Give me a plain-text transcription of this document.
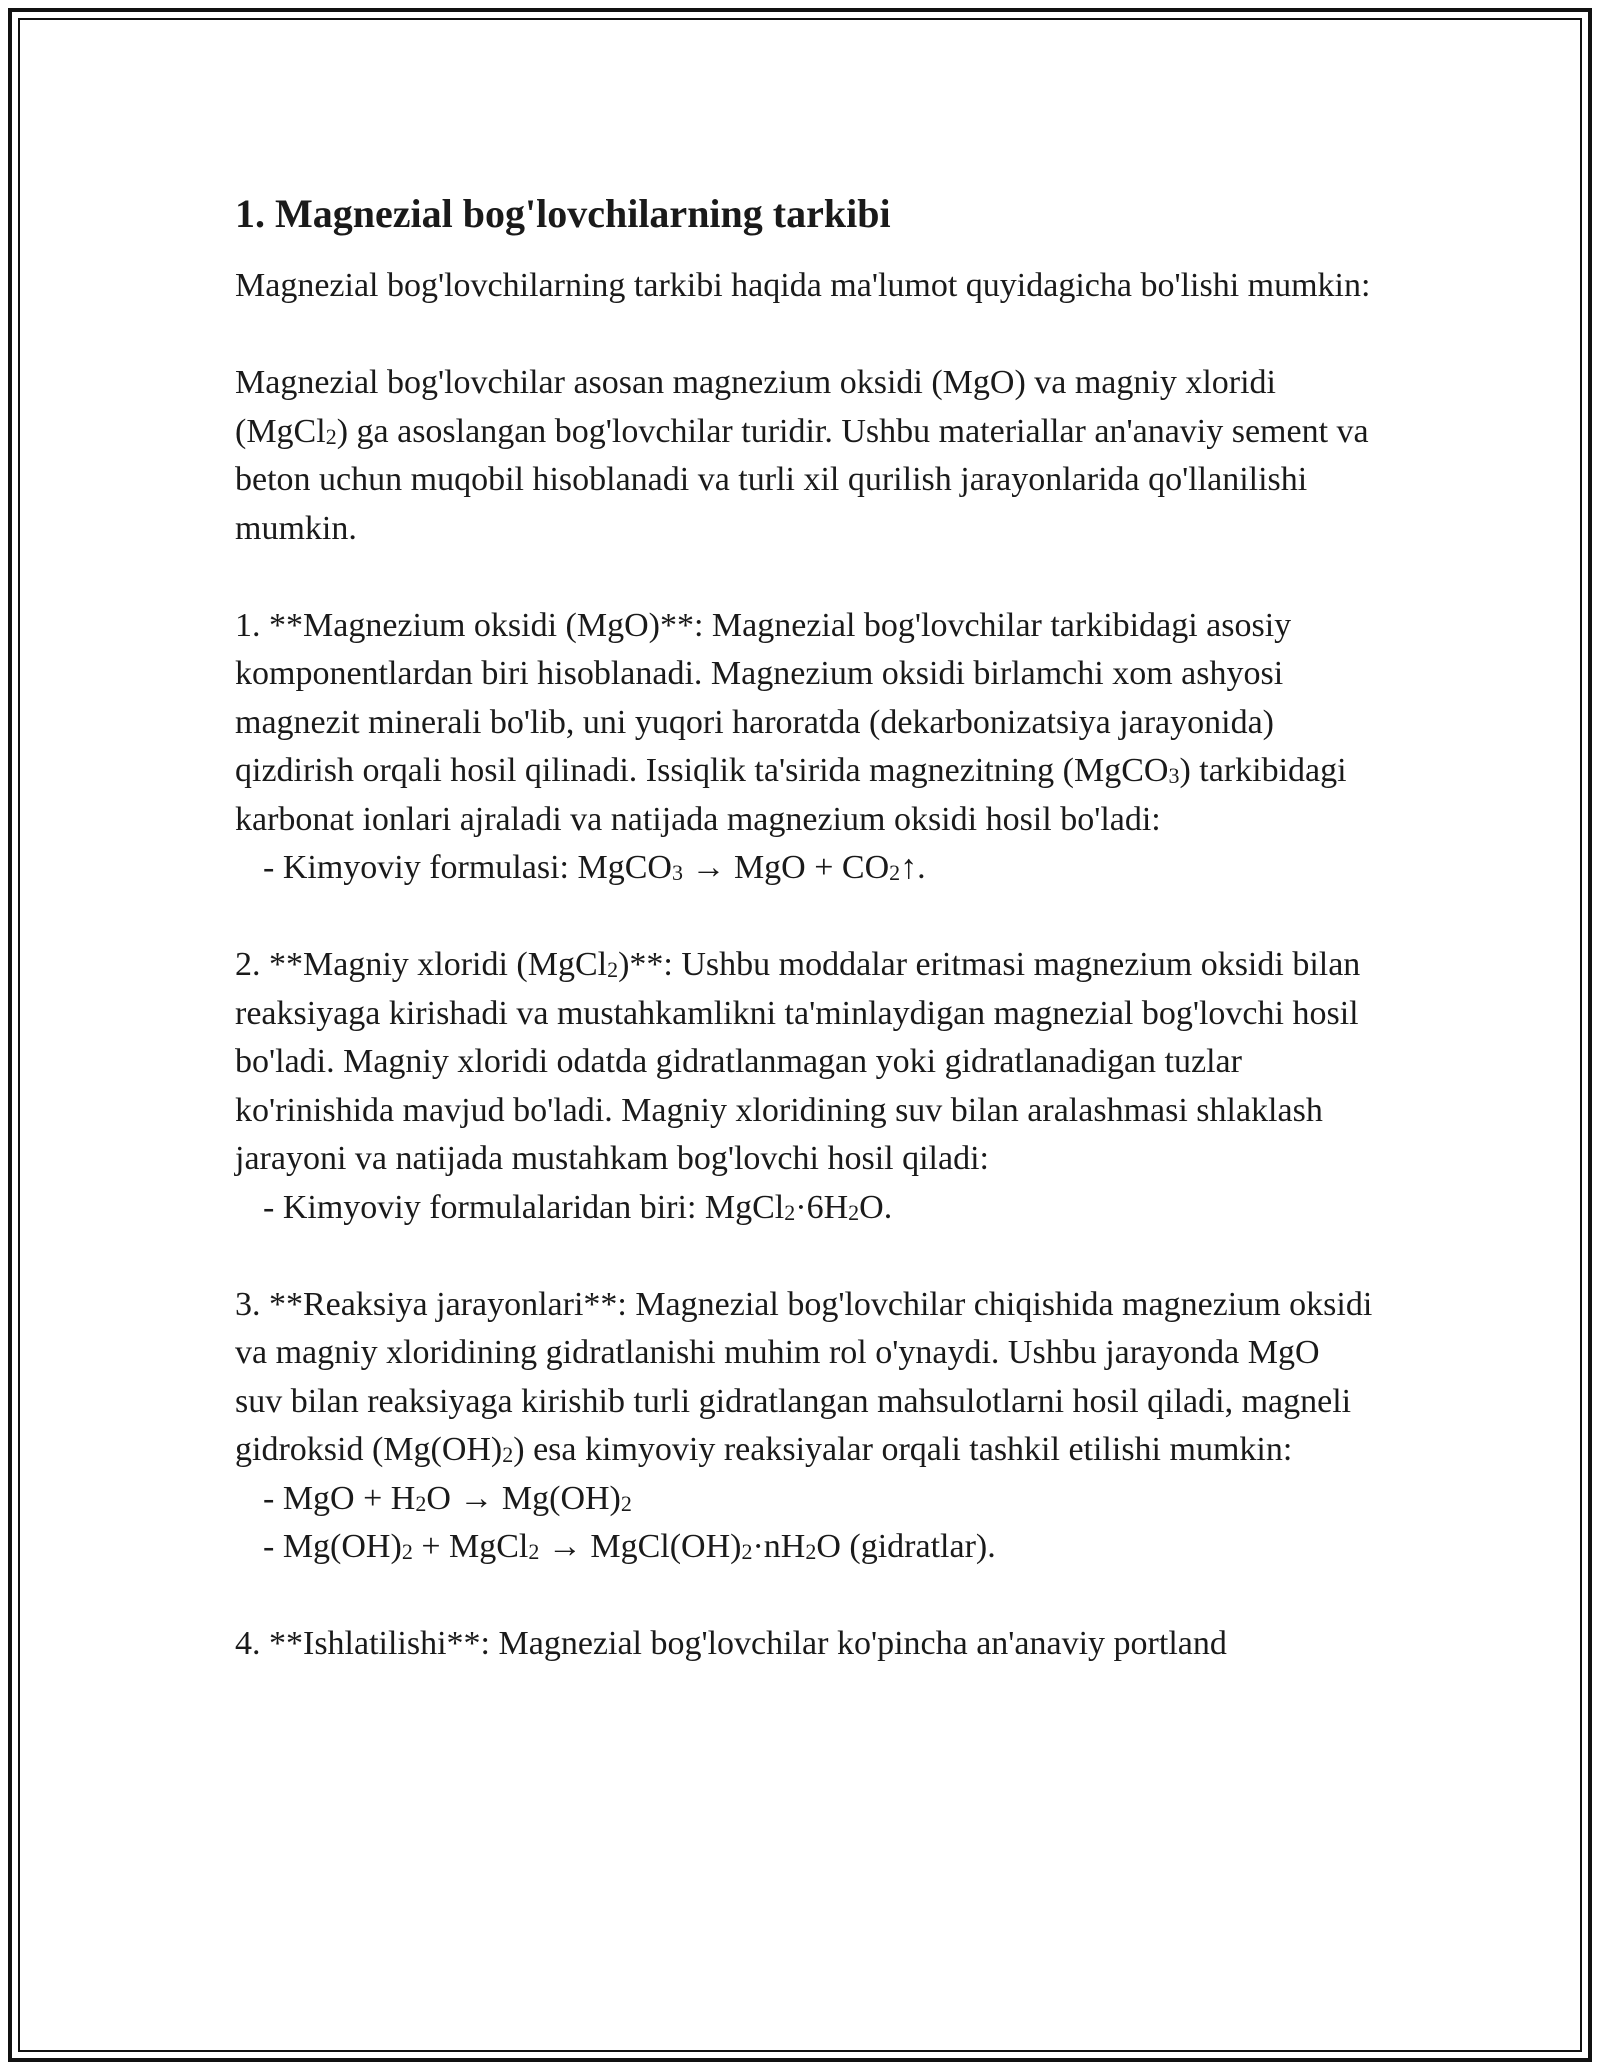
1. Magnezial bog'lovchilarning tarkibi

Magnezial bog'lovchilarning tarkibi haqida ma'lumot quyidagicha bo'lishi mumkin:

Magnezial bog'lovchilar asosan magnezium oksidi (MgO) va magniy xloridi (MgCl$_2$) ga asoslangan bog'lovchilar turidir. Ushbu materiallar an'anaviy sement va beton uchun muqobil hisoblanadi va turli xil qurilish jarayonlarida qo'llanilishi mumkin.

1. **Magnezium oksidi (MgO)**: Magnezial bog'lovchilar tarkibidagi asosiy komponentlardan biri hisoblanadi. Magnezium oksidi birlamchi xom ashyosi magnezit minerali bo'lib, uni yuqori haroratda (dekarbonizatsiya jarayonida) qizdirish orqali hosil qilinadi. Issiqlik ta'sirida magnezitning (MgCO$_3$) tarkibidagi karbonat ionlari ajraladi va natijada magnezium oksidi hosil bo'ladi:

- Kimyoviy formulasi: MgCO$_3$ → MgO + $CO_2↑$.

2. **Magniy xloridi (MgCl$_2$)**: Ushbu moddalar eritmasi magnezium oksidi bilan reaksiyaga kirishadi va mustahkamlikni ta'minlaydigan magnezial bog'lovchi hosil bo'ladi. Magniy xloridi odatda gidratlanmagan yoki gidratlanadigan tuzlar ko'rinishida mavjud bo'ladi. Magniy xloridining suv bilan aralashmasi shlaklash jarayoni va natijada mustahkam bog'lovchi hosil qiladi:

- Kimyoviy formulalaridan biri: $MgCl_2\cdot 6H_2O$.

3. **Reaksiya jarayonlari**: Magnezial bog'lovchilar chiqishida magnezium oksidi va magniy xloridining gidratlanishi muhim rol o'ynaydi. Ushbu jarayonda MgO suv bilan reaksiyaga kirishib turli gidratlangan mahsulotlarni hosil qiladi, magneli gidroksid $(Mg(OH)_2)$ esa kimyoviy reaksiyalar orqali tashkil etilishi mumkin:

- MgO + $H_2O \to Mg(OH)_2$

- $Mg(OH)_2$ + MgCl$_2$ → $MgCl(OH)_2\cdot nH_2O$ (gidratlar).

4. **Ishlatilishi**: Magnezial bog'lovchilar ko'pincha an'anaviy portland
